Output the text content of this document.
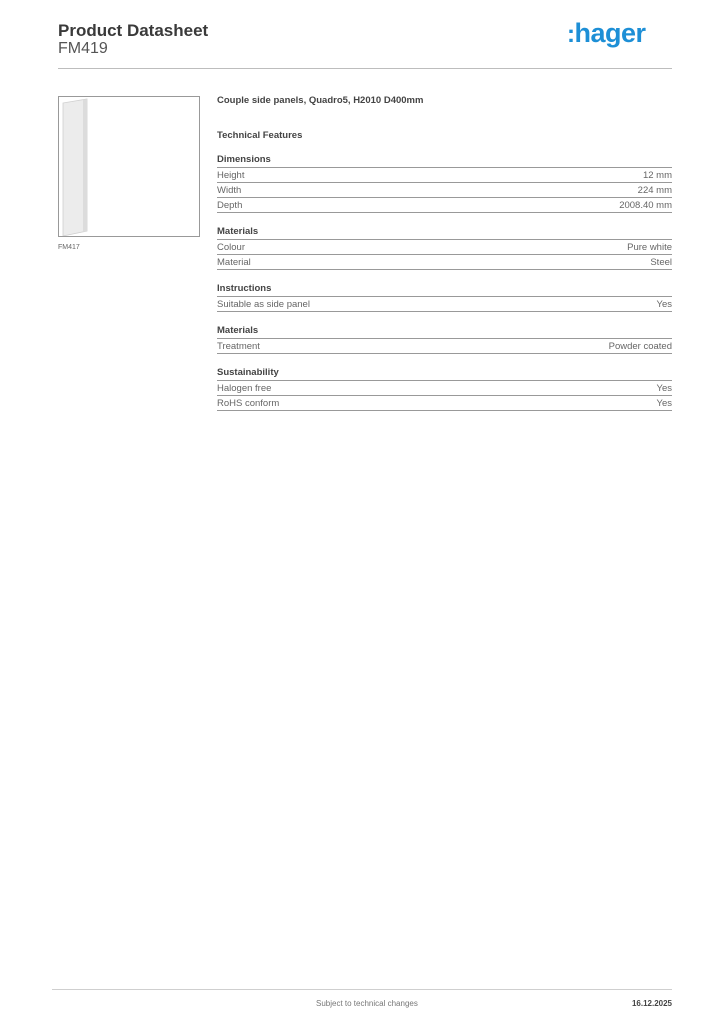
Product Datasheet
FM419
:hager
FM417
Couple side panels, Quadro5, H2010 D400mm
Technical Features
Dimensions
Height	12 mm
Width	224 mm
Depth	2008.40 mm
Materials
Colour	Pure white
Material	Steel
Instructions
Suitable as side panel	Yes
Materials
Treatment	Powder coated
Sustainability
Halogen free	Yes
RoHS conform	Yes
Subject to technical changes	16.12.2025
